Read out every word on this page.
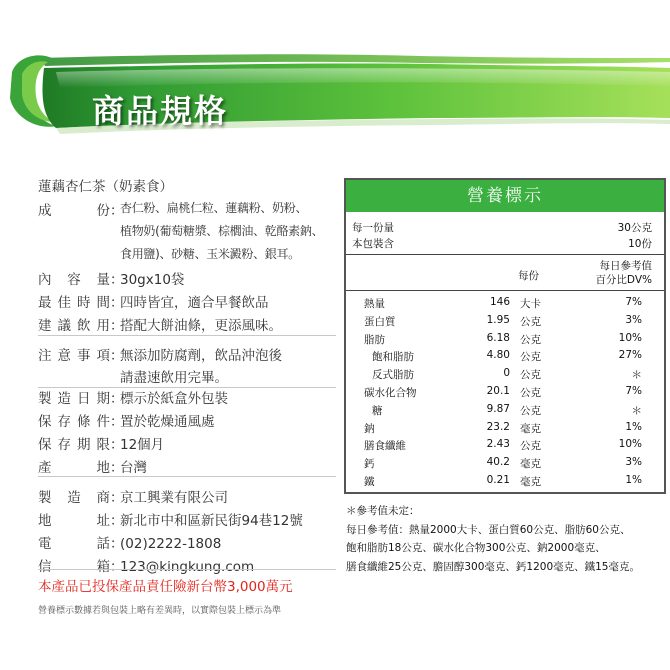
商品規格
蓮藕杏仁茶（奶素食）
成　　份：
杏仁粉、扁桃仁粒、蓮藕粉、奶粉、
植物奶(葡萄糖漿、棕櫚油、乾酪素鈉、
食用鹽)、砂糖、玉米澱粉、銀耳。
內 容 量：30gx10袋
最佳時間：四時皆宜，適合早餐飲品
建議飲用：搭配大餅油條，更添風味。
注意事項：無添加防腐劑，飲品沖泡後
請盡速飲用完畢。
製造日期：標示於紙盒外包裝
保存條件：置於乾燥通風處
保存期限：12個月
產　　地：台灣
製 造 商：京工興業有限公司
地　　址：新北市中和區新民街94巷12號
電　　話：(02)2222-1808
信　　箱：123@kingkung.com
本產品已投保產品責任險新台幣3,000萬元
營養標示數據若與包裝上略有差異時，以實際包裝上標示為準
營養標示
每一份量	30公克
本包裝含	10份
每份
每日參考值
百分比DV%
熱量	146 大卡	7%
蛋白質	1.95 公克	3%
脂肪	6.18 公克	10%
飽和脂肪	4.80 公克	27%
反式脂肪	0 公克	＊
碳水化合物	20.1 公克	7%
糖	9.87 公克	＊
鈉	23.2 毫克	1%
膳食纖維	2.43 公克	10%
鈣	40.2 毫克	3%
鐵	0.21 毫克	1%
＊參考值未定：
每日參考值：熱量2000大卡、蛋白質60公克、脂肪60公克、
飽和脂肪18公克、碳水化合物300公克、鈉2000毫克、
膳食纖維25公克、膽固醇300毫克、鈣1200毫克、鐵15毫克。
